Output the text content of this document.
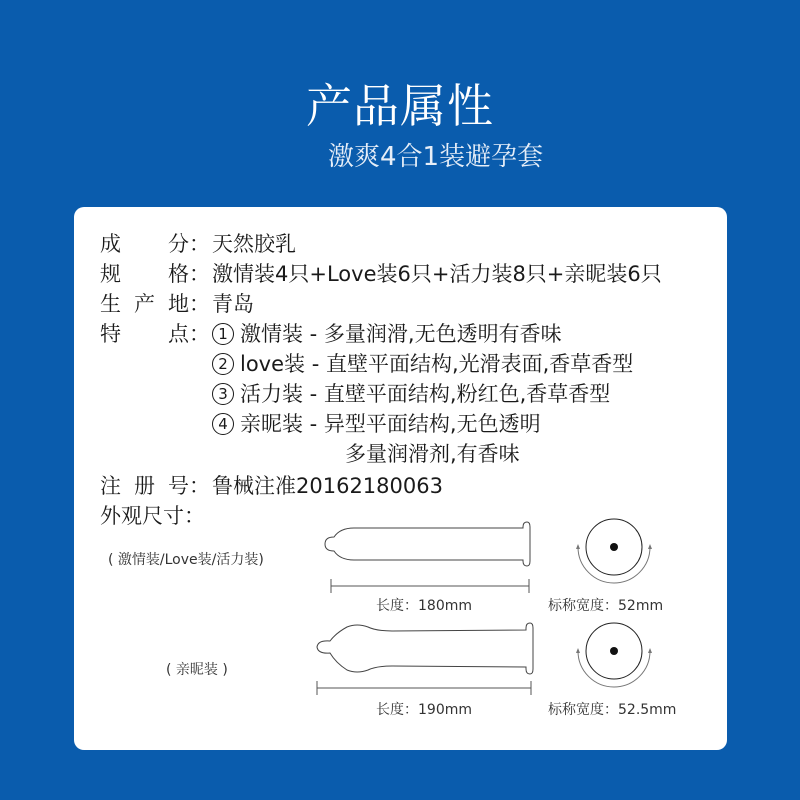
产品属性
激爽4合1装避孕套
成 分： 天然胶乳
规 格： 激情装4只+Love装6只+活力装8只+亲昵装6只
生 产 地： 青岛
特 点： 1 激情装 - 多量润滑,无色透明有香味
2 love装 - 直壁平面结构,光滑表面,香草香型
3 活力装 - 直壁平面结构,粉红色,香草香型
4 亲昵装 - 异型平面结构,无色透明
多量润滑剂,有香味
注 册 号： 鲁械注准20162180063
外观尺寸：
( 激情装/Love装/活力装)
长度：180mm	标称宽度：52mm
( 亲昵装 )
长度：190mm	标称宽度：52.5mm
